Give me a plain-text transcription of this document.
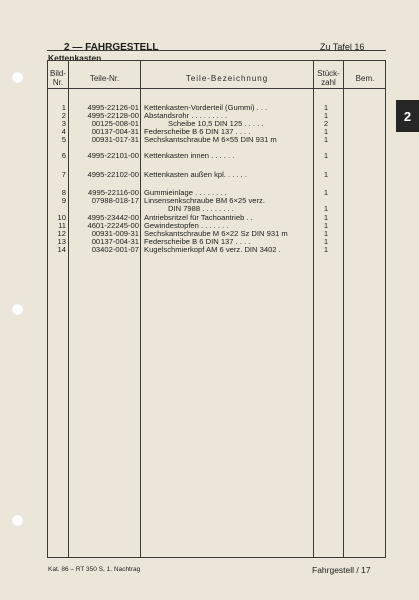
2
2 — FAHRGESTELL	Zu Tafel 16
Kettenkasten
Bild-
Nr.	Teile-Nr.	Teile-Bezeichnung
Stück-
zahl	Bem.
1	4995-22126-01 Kettenkasten-Vorderteil (Gummi) . . .	1
2	4995-22128-00 Abstandsrohr . . . . . . . . .	1
3	00125-008-01	Scheibe 10,5 DIN 125 . . . . .	2
4	00137-004-31 Federscheibe B 6 DIN 137 . . . .	1
5	00931-017-31 Sechskantschraube M 6×55 DIN 931 m	1
6	4995-22101-00 Kettenkasten innen . . . . . .	1
7	4995-22102-00 Kettenkasten außen kpl. . . . . .	1
8	4995-22116-00 Gummieinlage . . . . . . . .	1
9	07988-018-17 Linsensenkschraube BM 6×25 verz.
DIN 7988 . . . . . . . .	1
10	4995-23442-00 Antriebsritzel für Tachoantrieb . .	1
11	4601-22245-00 Gewindestopfen . . . . . . .	1
12	00931-009-31 Sechskantschraube M 6×22 Sz DIN 931 m	1
13	00137-004-31 Federscheibe B 6 DIN 137 . . . .	1
14	03402-001-07 Kugelschmierkopf AM 6 verz. DIN 3402 .	1
Kat. 86 – RT 350 S, 1. Nachtrag	Fahrgestell / 17
